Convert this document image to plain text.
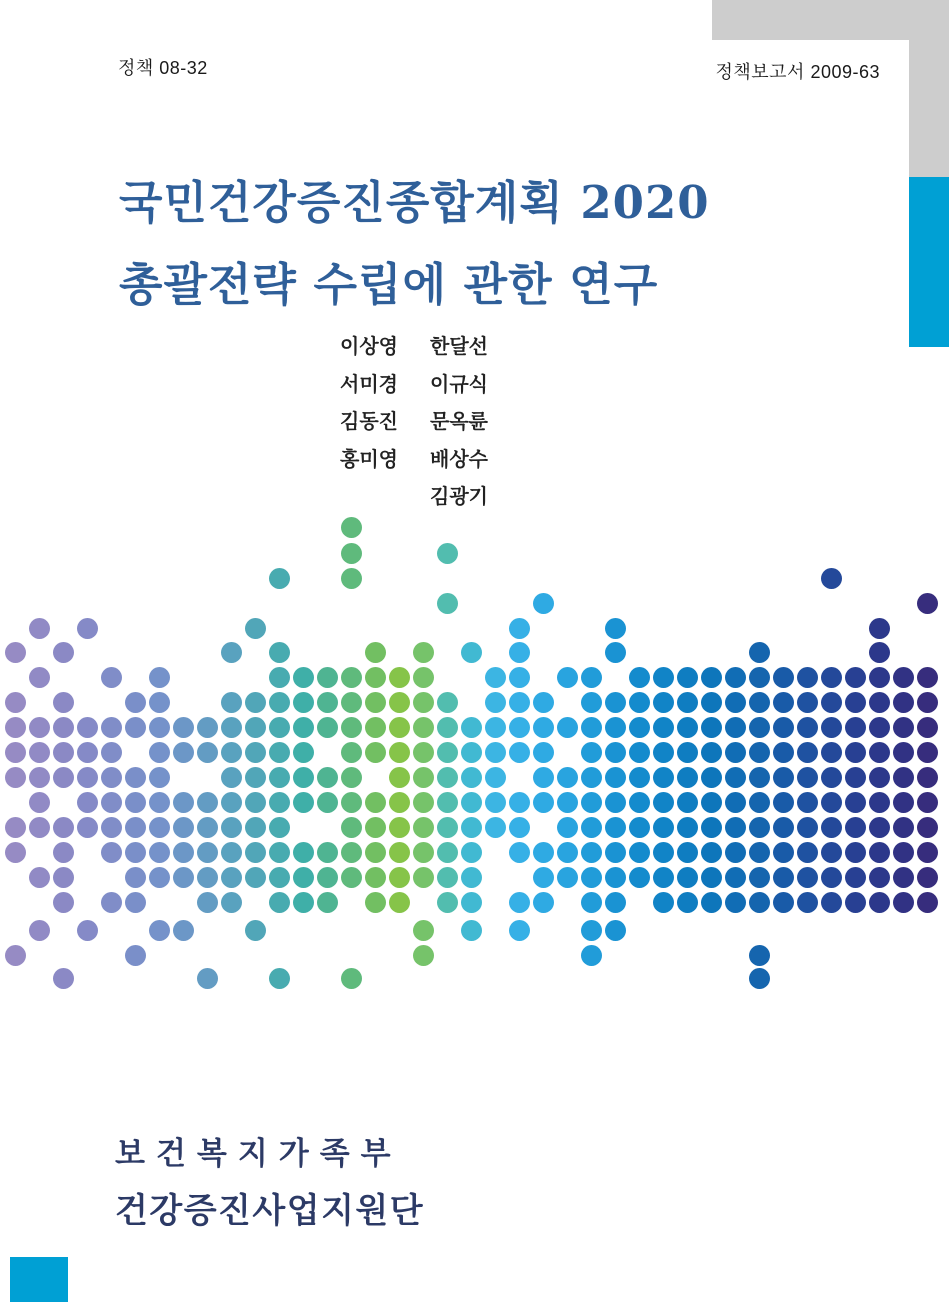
정책 08-32	정책보고서 2009-63
국민건강증진종합계획 2020
총괄전략 수립에 관한 연구
이상영
서미경
김동진
홍미영
한달선
이규식
문옥륜
배상수
김광기
보건복지가족부
건강증진사업지원단
